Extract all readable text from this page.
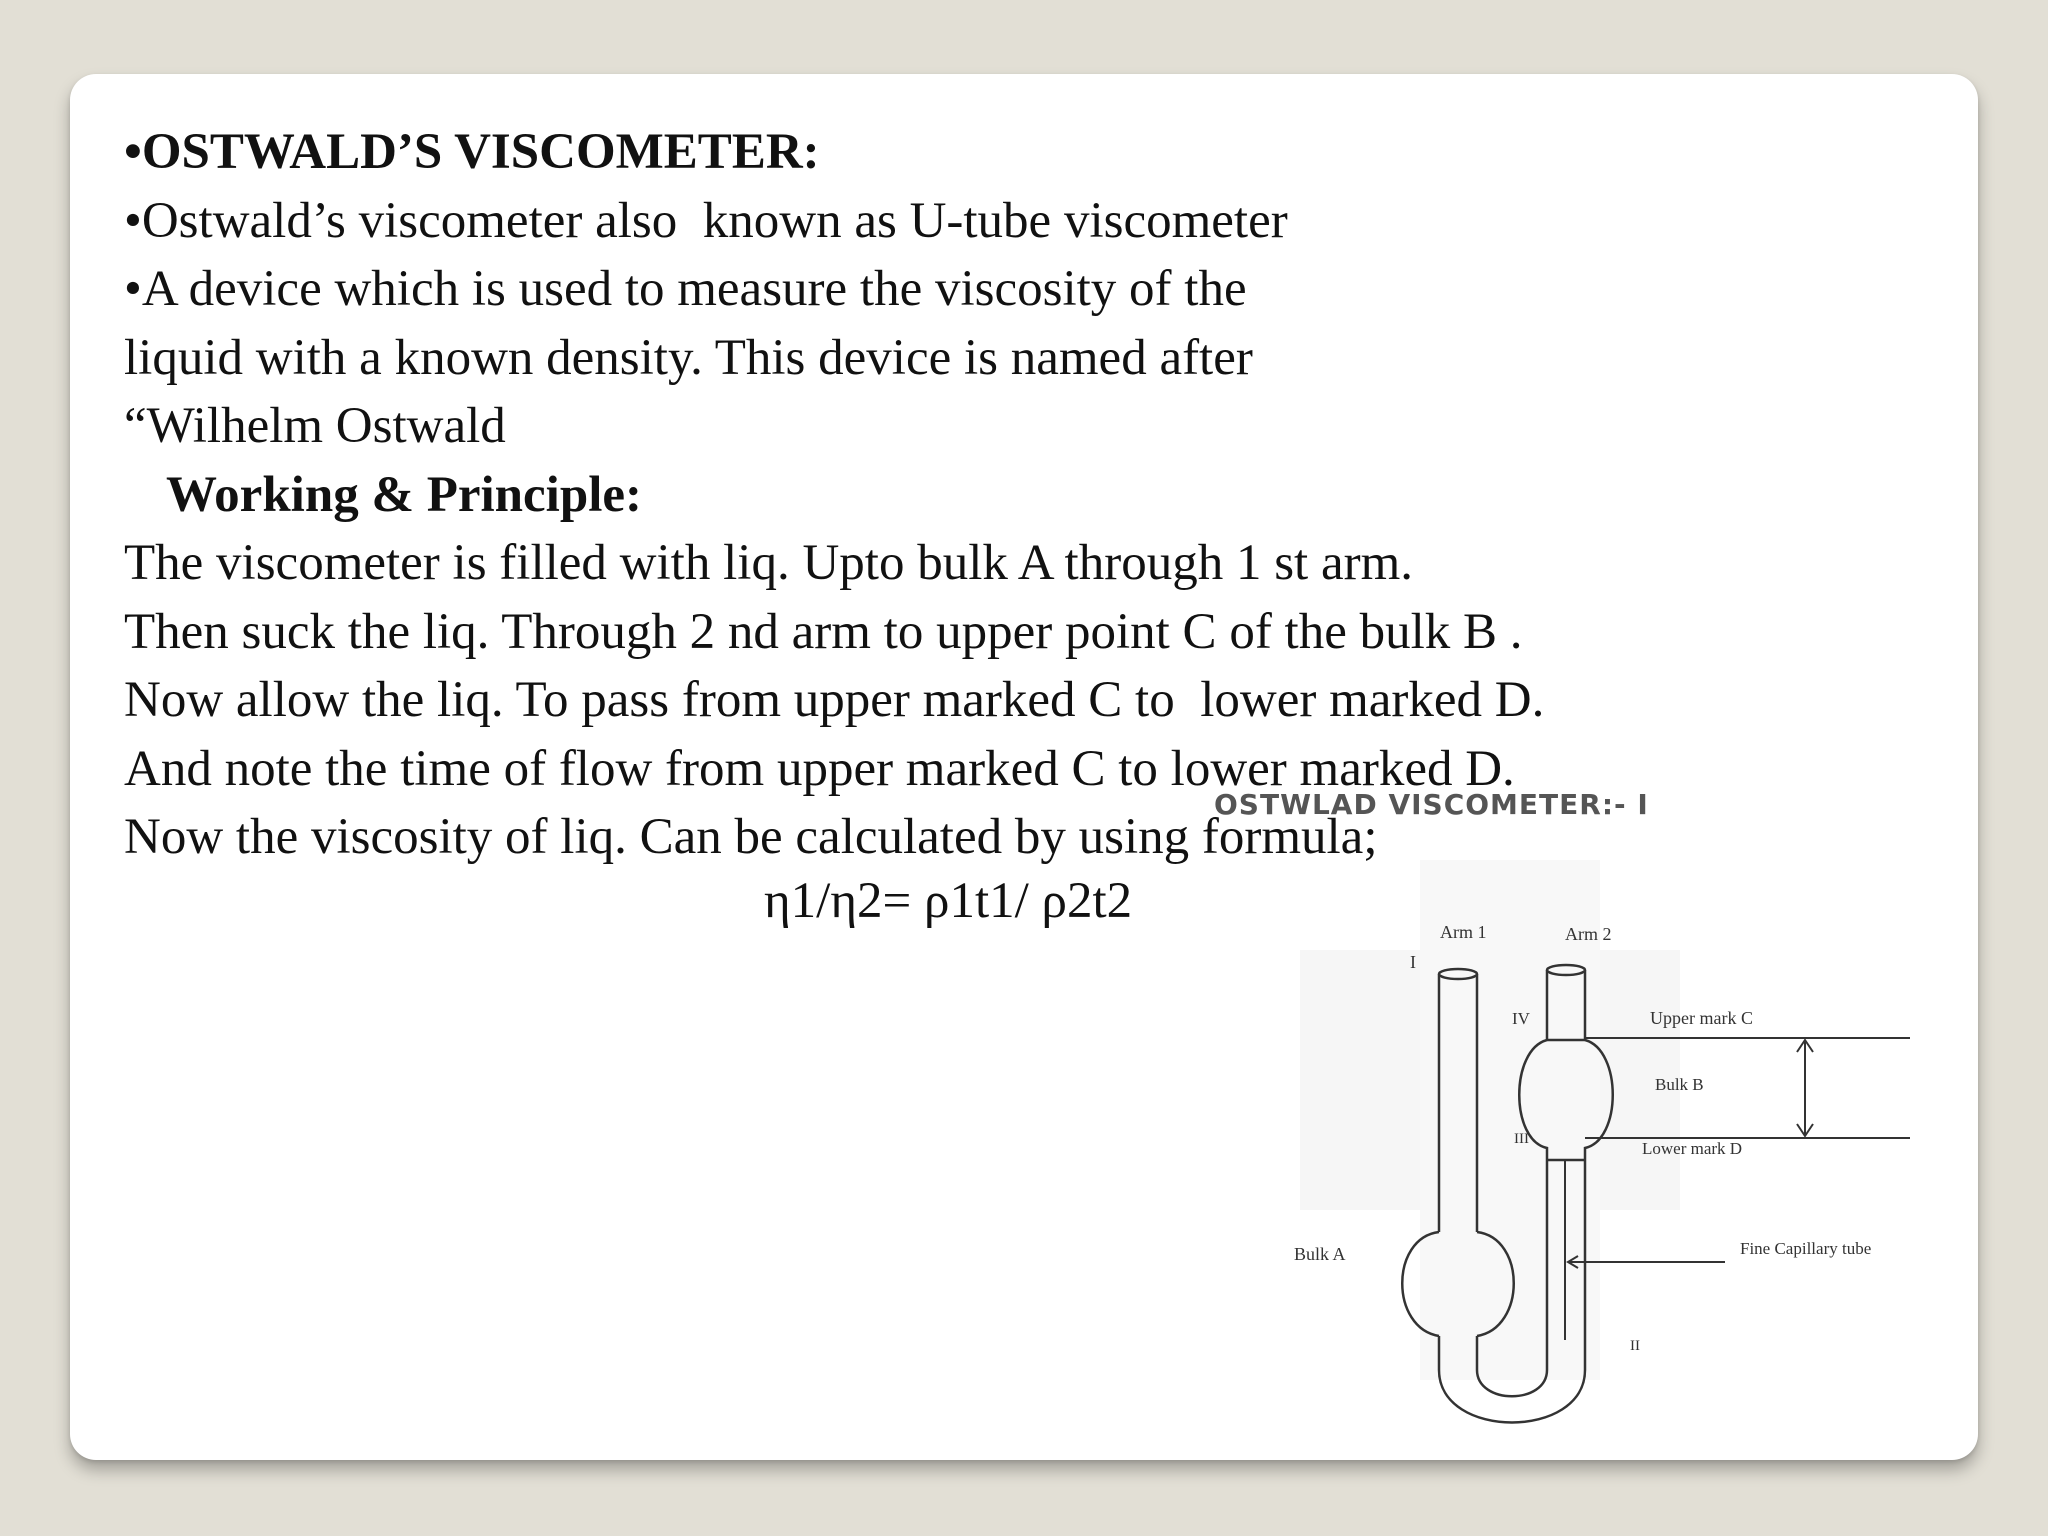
•OSTWALD’S VISCOMETER:
•Ostwald’s viscometer also  known as U-tube viscometer
•A device which is used to measure the viscosity of the
liquid with a known density. This device is named after
“Wilhelm Ostwald
Working & Principle:
The viscometer is filled with liq. Upto bulk A through 1 st arm.
Then suck the liq. Through 2 nd arm to upper point C of the bulk B .
Now allow the liq. To pass from upper marked C to  lower marked D.
And note the time of flow from upper marked C to lower marked D.
Now the viscosity of liq. Can be calculated by using formula;
η1/η2= ρ1t1/ ρ2t2
OSTWLAD VISCOMETER:- I
Arm 1	Arm 2
I
IV
III
II
Upper mark C
Bulk B
Lower mark D
Bulk A	Fine Capillary tube
